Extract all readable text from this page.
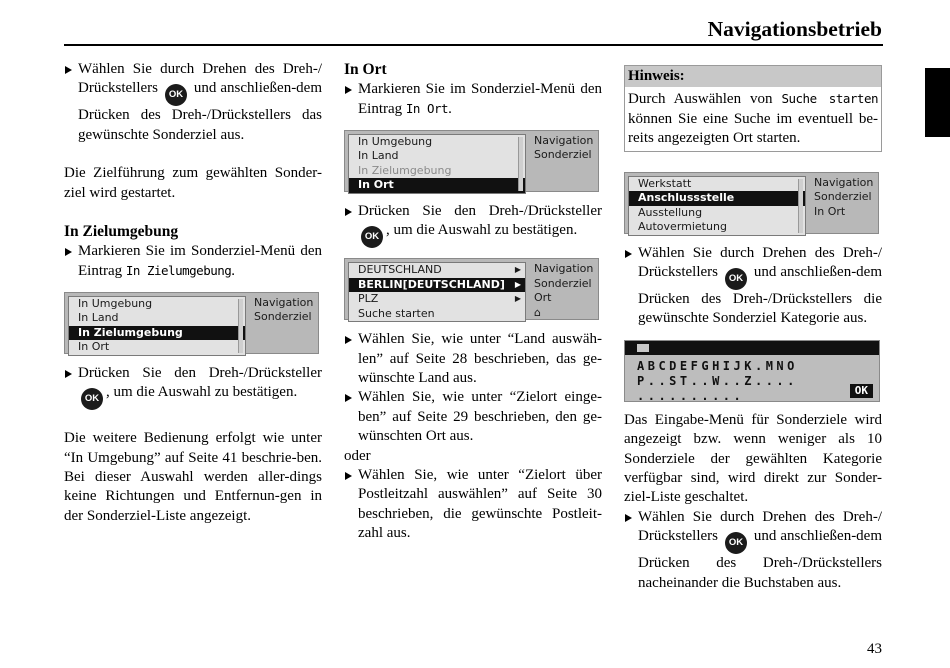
Navigationsbetrieb
43
Wählen Sie durch Drehen des Dreh-/ Drückstellers OK und anschließen-dem Drücken des Dreh-/Drückstellers das gewünschte Sonderziel aus.

Die Zielführung zum gewählten Sonder-ziel wird gestartet.

In Zielumgebung
Markieren Sie im Sonderziel-Menü den Eintrag In Zielumgebung.
In Umgebung
In Land
In Zielumgebung
In Ort
Navigation
Sonderziel
Drücken Sie den Dreh-/Drücksteller OK , um die Auswahl zu bestätigen.

Die weitere Bedienung erfolgt wie unter “In Umgebung” auf Seite 41 beschrie-ben. Bei dieser Auswahl werden aller-dings keine Richtungen und Entfernun-gen in der Sonderziel-Liste angezeigt.

In Ort
Markieren Sie im Sonderziel-Menü den Eintrag In Ort.
In Umgebung
In Land
In Zielumgebung
In Ort
Navigation
Sonderziel
Drücken Sie den Dreh-/Drücksteller OK , um die Auswahl zu bestätigen.
DEUTSCHLAND	▶
BERLIN[DEUTSCHLAND] ▶
PLZ	▶
Suche starten
Navigation
Sonderziel
Ort
⌂
Wählen Sie, wie unter “Land auswäh-len” auf Seite 28 beschrieben, das ge-wünschte Land aus.
Wählen Sie, wie unter “Zielort einge-ben” auf Seite 29 beschrieben, den ge-wünschten Ort aus.
oder
Wählen Sie, wie unter “Zielort über Postleitzahl auswählen” auf Seite 30 beschrieben, die gewünschte Postleit-zahl aus.
Hinweis:

Durch Auswählen von Suche starten können Sie eine Suche im eventuell be-reits angezeigten Ort starten.

Werkstatt
Anschlussstelle
Ausstellung
Autovermietung
Navigation
Sonderziel
In Ort
Wählen Sie durch Drehen des Dreh-/ Drückstellers OK und anschließen-dem Drücken des Dreh-/Drückstellers die gewünschte Sonderziel Kategorie aus.
ABCDEFGHIJK.MNO
P..ST..W..Z....
..........	OK

Das Eingabe-Menü für Sonderziele wird angezeigt bzw. wenn weniger als 10 Sonderziele der gewählten Kategorie verfügbar sind, wird direkt zur Sonder-ziel-Liste geschaltet.

Wählen Sie durch Drehen des Dreh-/ Drückstellers OK und anschließen-dem Drücken des Dreh-/Drückstellers nacheinander die Buchstaben aus.
